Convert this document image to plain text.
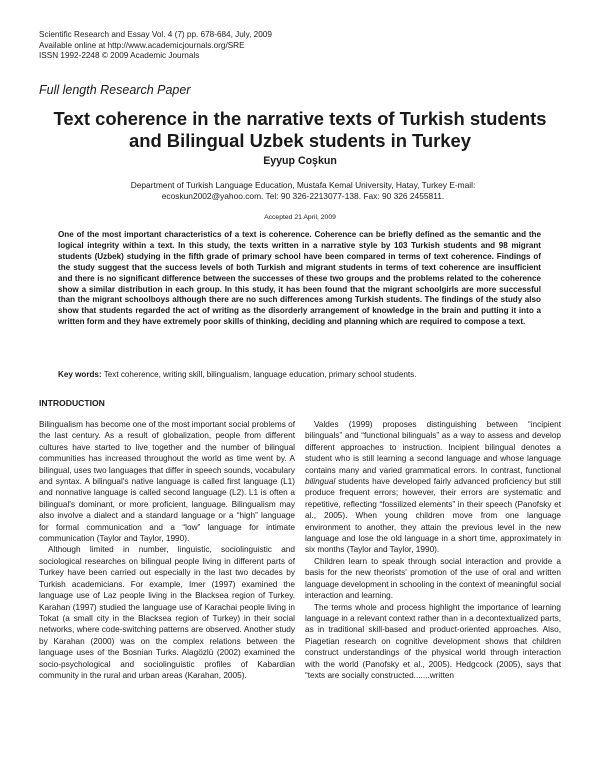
Scientific Research and Essay Vol. 4 (7) pp. 678-684, July, 2009
Available online at http://www.academicjournals.org/SRE
ISSN 1992-2248 © 2009 Academic Journals
Full length Research Paper
Text coherence in the narrative texts of Turkish students and Bilingual Uzbek students in Turkey
Eyyup Coşkun
Department of Turkish Language Education, Mustafa Kemal University, Hatay, Turkey E-mail: ecoskun2002@yahoo.com. Tel: 90 326-2213077-138. Fax: 90 326 2455811.
Accepted 21 April, 2009
One of the most important characteristics of a text is coherence. Coherence can be briefly defined as the semantic and the logical integrity within a text. In this study, the texts written in a narrative style by 103 Turkish students and 98 migrant students (Uzbek) studying in the fifth grade of primary school have been compared in terms of text coherence. Findings of the study suggest that the success levels of both Turkish and migrant students in terms of text coherence are insufficient and there is no significant difference between the successes of these two groups and the problems related to the coherence show a similar distribution in each group. In this study, it has been found that the migrant schoolgirls are more successful than the migrant schoolboys although there are no such differences among Turkish students. The findings of the study also show that students regarded the act of writing as the disorderly arrangement of knowledge in the brain and putting it into a written form and they have extremely poor skills of thinking, deciding and planning which are required to compose a text.
Key words: Text coherence, writing skill, bilingualism, language education, primary school students.
INTRODUCTION

Bilingualism has become one of the most important social problems of the last century. As a result of globalization, people from different cultures have started to live together and the number of bilingual communities has increased throughout the world as time went by. A bilingual, uses two languages that differ in speech sounds, vocabulary and syntax. A bilingual's native language is called first language (L1) and nonnative language is called second language (L2). L1 is often a bilingual's dominant, or more proficient, language. Bilingualism may also involve a dialect and a standard language or a “high” language for formal communication and a “low” language for intimate communication (Taylor and Taylor, 1990).

Although limited in number, linguistic, sociolinguistic and sociological researches on bilingual people living in different parts of Turkey have been carried out especially in the last two decades by Turkish academicians. For example, Imer (1997) examined the language use of Laz people living in the Blacksea region of Turkey. Karahan (1997) studied the language use of Karachai people living in Tokat (a small city in the Blacksea region of Turkey) in their social networks, where code-switching patterns are observed. Another study by Karahan (2000) was on the complex relations between the language uses of the Bosnian Turks. Alagözlü (2002) examined the socio-psychological and sociolinguistic profiles of Kabardian community in the rural and urban areas (Karahan, 2005).

Valdes (1999) proposes distinguishing between “incipient bilinguals” and “functional bilinguals” as a way to assess and develop different approaches to instruction. Incipient bilingual denotes a student who is still learning a second language and whose language contains many and varied grammatical errors. In contrast, functional bilingual students have developed fairly advanced proficiency but still produce frequent errors; however, their errors are systematic and repetitive, reflecting “fossilized elements” in their speech (Panofsky et al., 2005). When young children move from one language environment to another, they attain the previous level in the new language and lose the old language in a short time, approximately in six months (Taylor and Taylor, 1990).

Children learn to speak through social interaction and provide a basis for the new theorists' promotion of the use of oral and written language development in schooling in the context of meaningful social interaction and learning.

The terms whole and process highlight the importance of learning language in a relevant context rather than in a decontextualized parts, as in traditional skill-based and product-oriented approaches. Also, Piagetian research on cognitive development shows that children construct understandings of the physical world through interaction with the world (Panofsky et al., 2005). Hedgcock (2005), says that “texts are socially constructed.......written
